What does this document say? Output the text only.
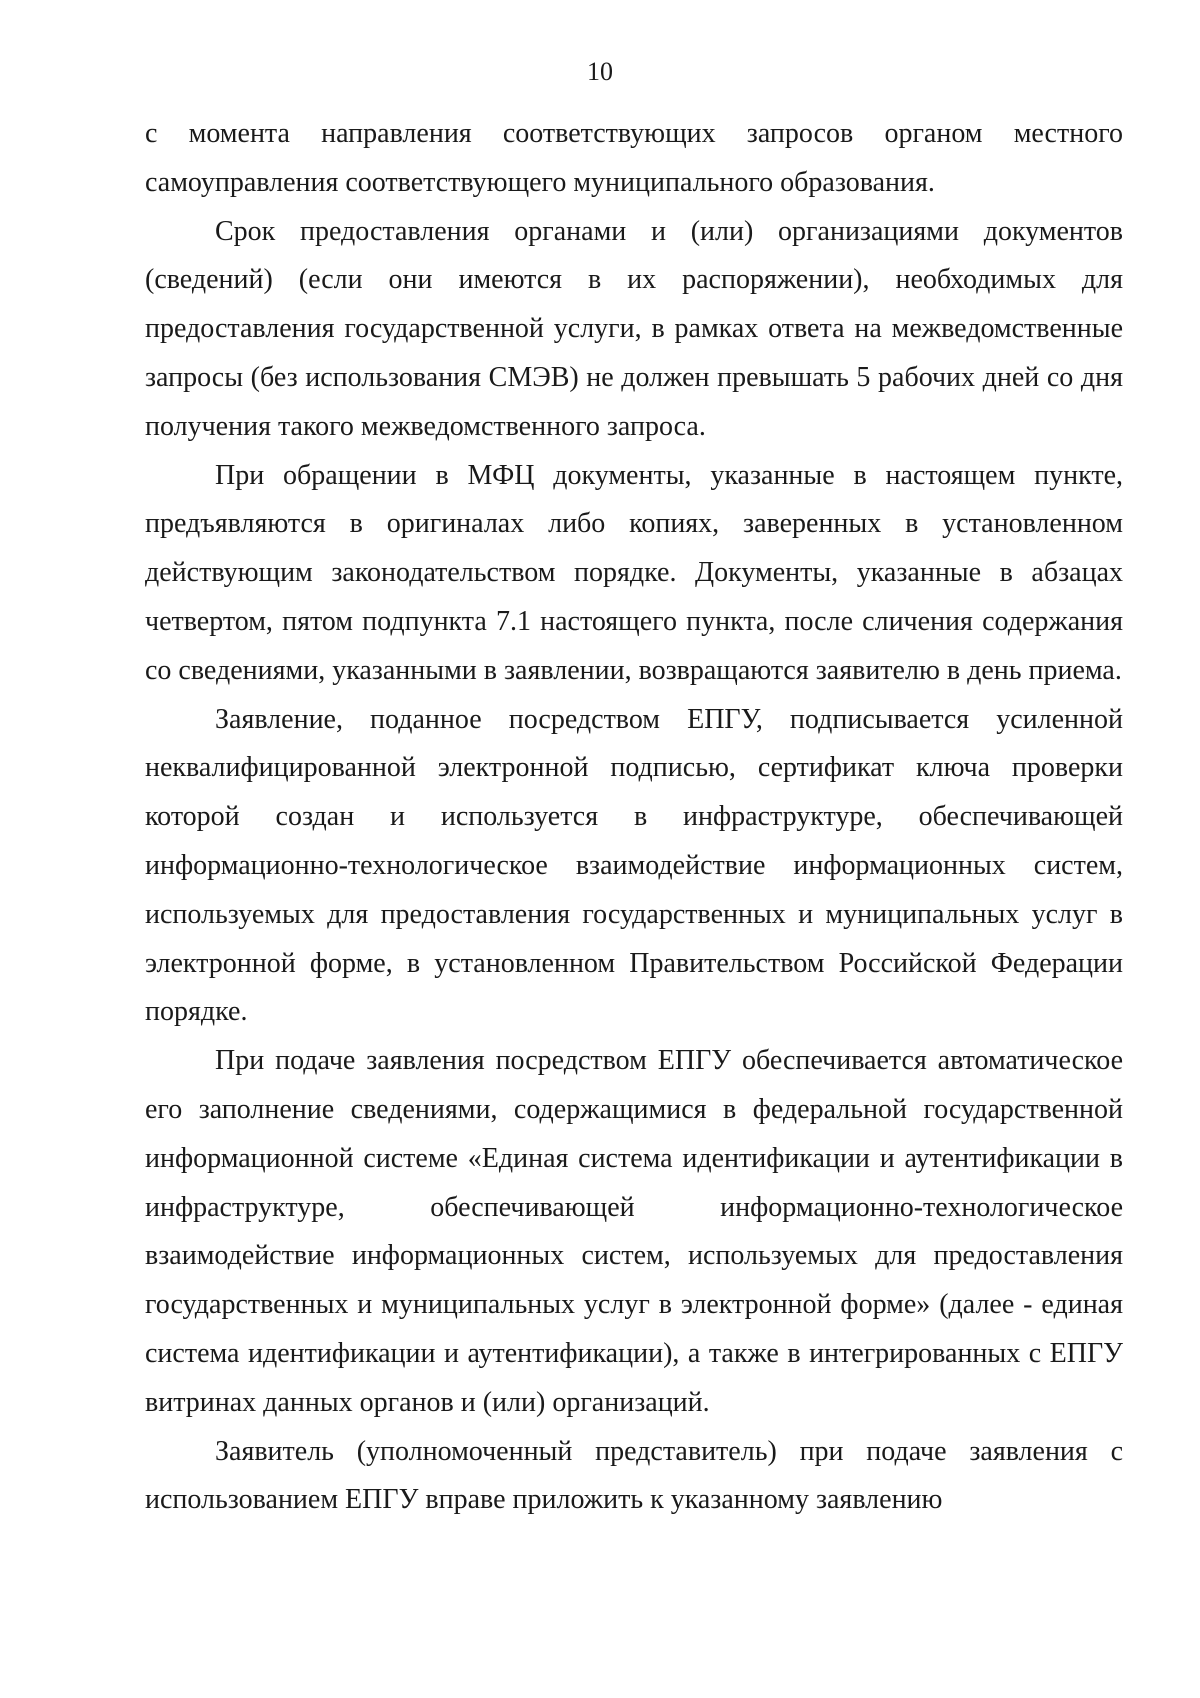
10

с момента направления соответствующих запросов органом местного самоуправления соответствующего муниципального образования.

Срок предоставления органами и (или) организациями документов (сведений) (если они имеются в их распоряжении), необходимых для предоставления государственной услуги, в рамках ответа на межведомственные запросы (без использования СМЭВ) не должен превышать 5 рабочих дней со дня получения такого межведомственного запроса.

При обращении в МФЦ документы, указанные в настоящем пункте, предъявляются в оригиналах либо копиях, заверенных в установленном действующим законодательством порядке. Документы, указанные в абзацах четвертом, пятом подпункта 7.1 настоящего пункта, после сличения содержания со сведениями, указанными в заявлении, возвращаются заявителю в день приема.

Заявление, поданное посредством ЕПГУ, подписывается усиленной неквалифицированной электронной подписью, сертификат ключа проверки которой создан и используется в инфраструктуре, обеспечивающей информационно-технологическое взаимодействие информационных систем, используемых для предоставления государственных и муниципальных услуг в электронной форме, в установленном Правительством Российской Федерации порядке.

При подаче заявления посредством ЕПГУ обеспечивается автоматическое его заполнение сведениями, содержащимися в федеральной государственной информационной системе «Единая система идентификации и аутентификации в инфраструктуре, обеспечивающей информационно-технологическое взаимодействие информационных систем, используемых для предоставления государственных и муниципальных услуг в электронной форме» (далее - единая система идентификации и аутентификации), а также в интегрированных с ЕПГУ витринах данных органов и (или) организаций.

Заявитель (уполномоченный представитель) при подаче заявления с использованием ЕПГУ вправе приложить к указанному заявлению
